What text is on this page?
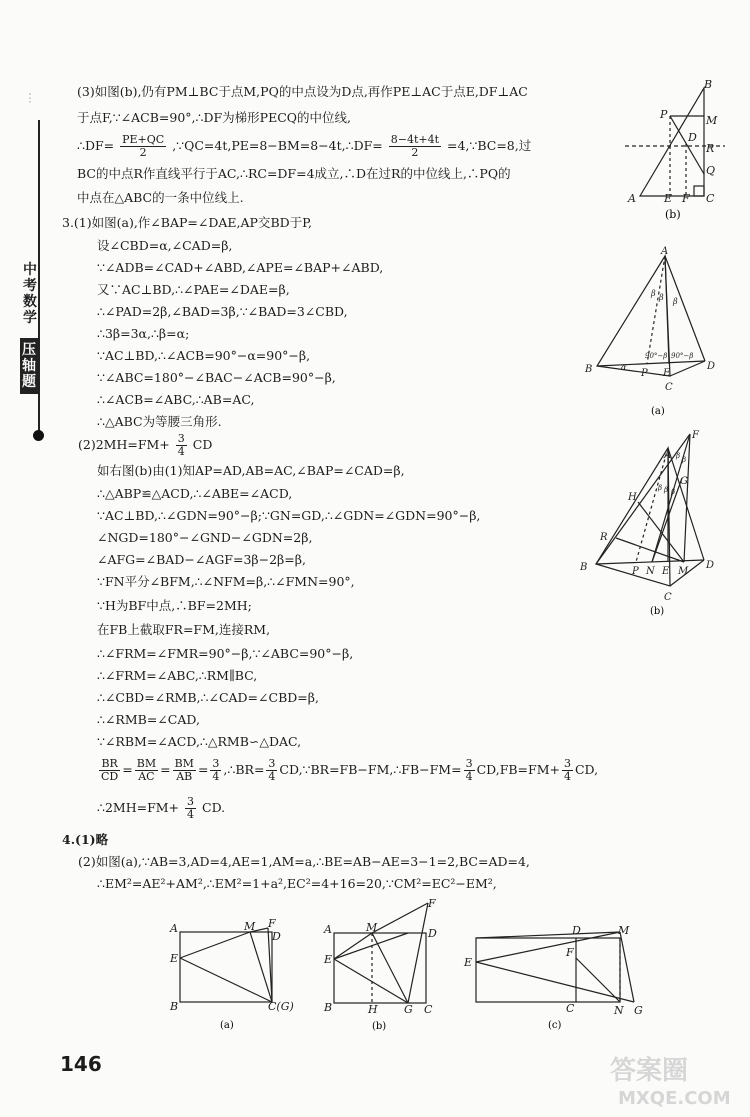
︙
中考数学
压轴题
(3)如图(b),仍有PM⊥BC于点M,PQ的中点设为D点,再作PE⊥AC于点E,DF⊥AC
于点F,∵∠ACB=90°,∴DF为梯形PECQ的中位线,
∴DF= $\frac{PE+QC}{2}$ ,∵QC=4t,PE=8−BM=8−4t,∴DF= $\frac{8-4t+4t}{2}$ =4,∵BC=8,过
BC的中点R作直线平行于AC,∴RC=DF=4成立,∴D在过R的中位线上,∴PQ的
中点在△ABC的一条中位线上.	A
B
C
P	M
D
R
Q
E F
(b)
3.(1)如图(a),作∠BAP=∠DAE,AP交BD于P,
设∠CBD=α,∠CAD=β,
∵∠ADB=∠CAD+∠ABD,∠APE=∠BAP+∠ABD,
又∵AC⊥BD,∴∠PAE=∠DAE=β,
∴∠PAD=2β,∠BAD=3β,∵∠BAD=3∠CBD,
∴3β=3α,∴β=α;
∵AC⊥BD,∴∠ACB=90°−α=90°−β,
∵∠ABC=180°−∠BAC−∠ACB=90°−β,
∴∠ACB=∠ABC,∴AB=AC,
∴△ABC为等腰三角形.
A
B
C
D
P E
α
β β β
90°−β 90°−β
(a)
$(2)2MH=FM+ \frac{3}{4}$ CD
如右图(b)由(1)知AP=AD,AB=AC,∠BAP=∠CAD=β,
∴△ABP≌△ACD,∴∠ABE=∠ACD,
∵AC⊥BD,∴∠GDN=90°−β;∵GN=GD,∴∠GDN=∠GDN=90°−β,
∠NGD=180°−∠GND−∠GDN=2β,
∠AFG=∠BAD−∠AGF=3β−2β=β,
∵FN平分∠BFM,∴∠NFM=β,∴∠FMN=90°,
∵H为BF中点,∴BF=2MH;
在FB上截取FR=FM,连接RM,
∴∠FRM=∠FMR=90°−β,∵∠ABC=90°−β,
∴∠FRM=∠ABC,∴RM∥BC,
∴∠CBD=∠RMB,∴∠CAD=∠CBD=β,
∴∠RMB=∠CAD,
∵∠RBM=∠ACD,∴△RMB∽△DAC,
$\frac{BR}{CD} = \frac{BM}{AC} = \frac{BM}{AB} = \frac{3}{4}$ ,∴BR= $\frac{3}{4}$ CD,∵BR=FB−FM,∴FB−FM= $\frac{3}{4} CD,FB=FM+ \frac{3}{4}$ CD,
∴2MH=FM+ $\frac{3}{4}$ CD.
A
B
C
D
F
G
H
R
P N E M
β β
β β β
(b)
4.(1)略
(2)如图(a),∵AB=3,AD=4,AE=1,AM=a,∴BE=AB−AE=3−1=2,BC=AD=4,
∴EM²=AE²+AM²,∴EM²=1+a²,EC²=4+16=20,∵CM²=EC²−EM²,
A
B
E
M F
D
C(G)
(a)
A
B
E
M
F
D
H G C
(b)
D	M
E
F
C	N G
(c)
146	答案圈
MXQE.COM
